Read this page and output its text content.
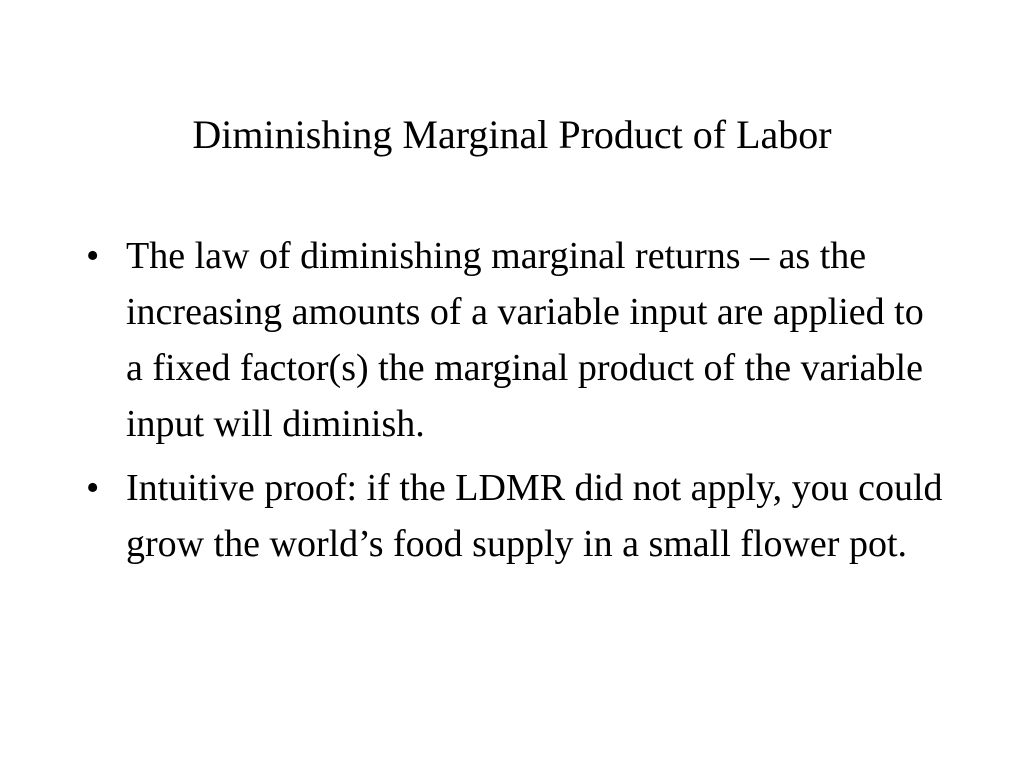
Diminishing Marginal Product of Labor
• The law of diminishing marginal returns – as the increasing amounts of a variable input are applied to a fixed factor(s) the marginal product of the variable input will diminish.
• Intuitive proof: if the LDMR did not apply, you could grow the world’s food supply in a small flower pot.
